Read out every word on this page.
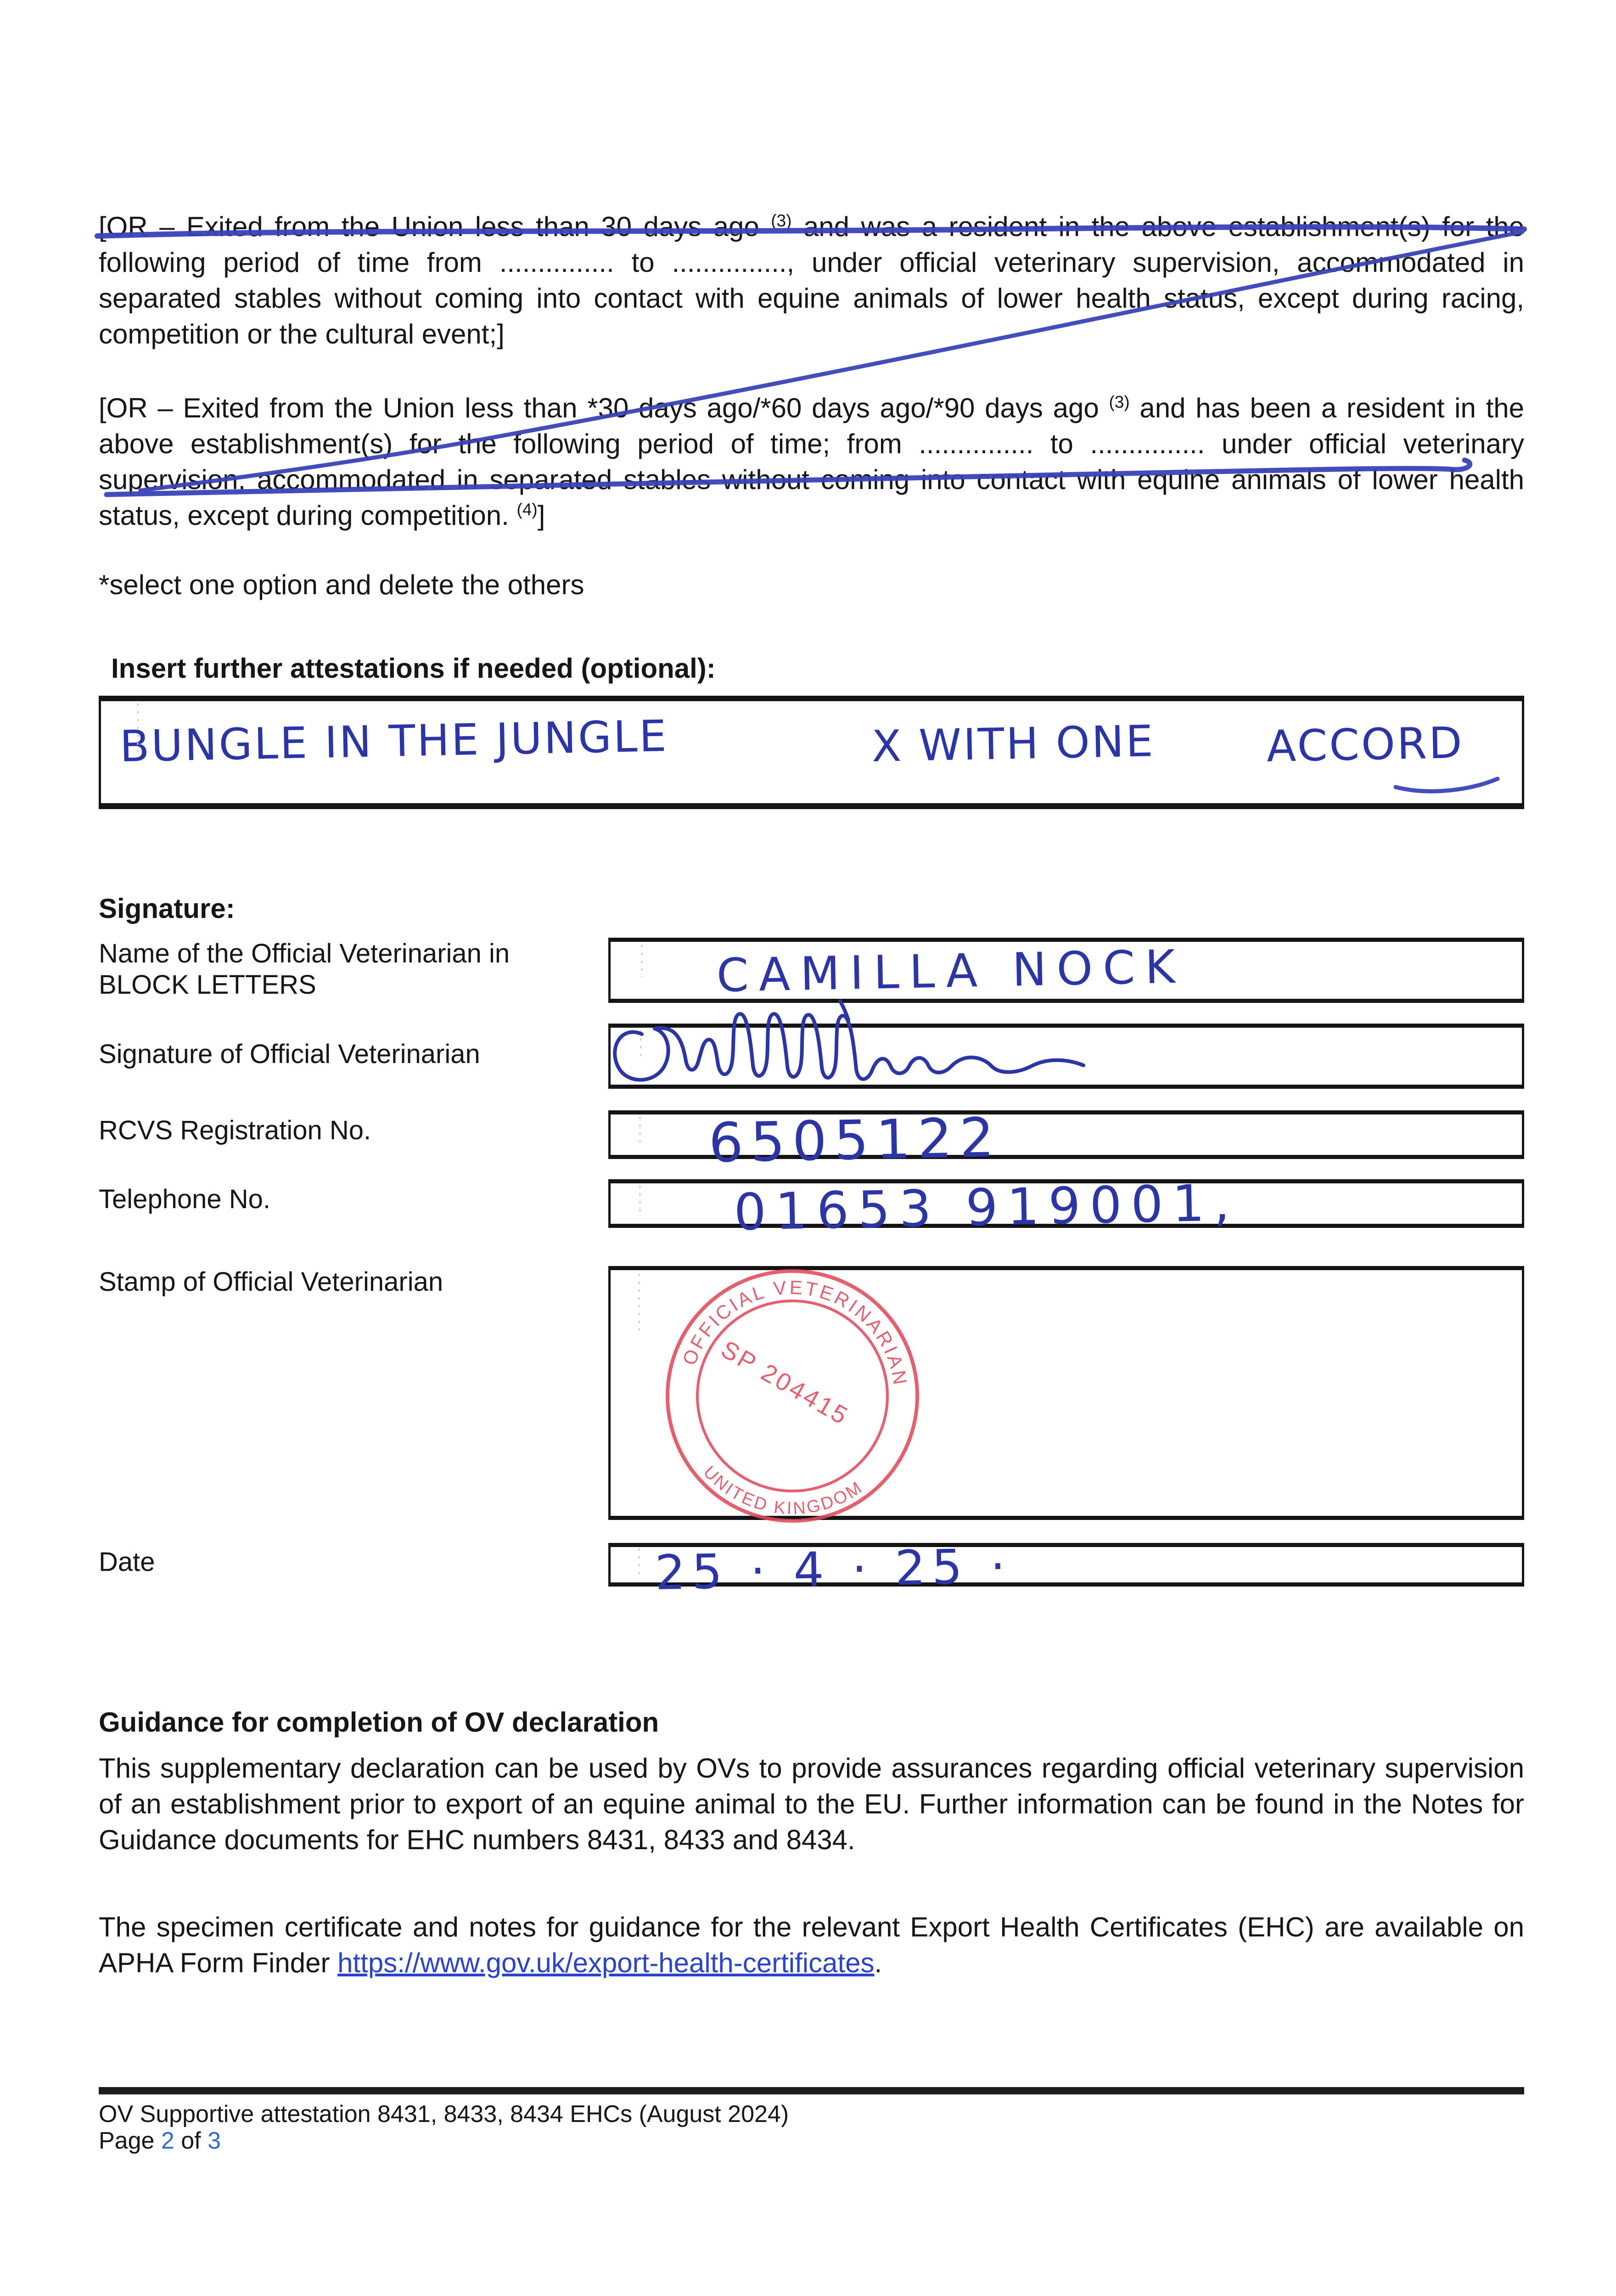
[OR – Exited from the Union less than 30 days ago $^{(3)}$ and was a resident in the above establishment(s) for the following period of time from ............... to ..............., under official veterinary supervision, accommodated in separated stables without coming into contact with equine animals of lower health status, except during racing, competition or the cultural event;]

[OR – Exited from the Union less than *30 days ago/*60 days ago/*90 days ago $^{(3)}$ and has been a resident in the above establishment(s) for the following period of time; from ............... to ............... under official veterinary supervision, accommodated in separated stables without coming into contact with equine animals of lower health status, except during competition. $^{(4)}$]

*select one option and delete the others

Insert further attestations if needed (optional):

BUNGLE IN THE JUNGLE	X WITH ONE	ACCORD

Signature:

Name of the Official Veterinarian in BLOCK LETTERS	CAMILLA NOCK

Signature of Official Veterinarian

RCVS Registration No.	6505122

Telephone No.	01653 919001,

Stamp of Official Veterinarian

Date	25 · 4 · 25 ·

Guidance for completion of OV declaration

This supplementary declaration can be used by OVs to provide assurances regarding official veterinary supervision of an establishment prior to export of an equine animal to the EU. Further information can be found in the Notes for Guidance documents for EHC numbers 8431, 8433 and 8434.

The specimen certificate and notes for guidance for the relevant Export Health Certificates (EHC) are available on APHA Form Finder https://www.gov.uk/export-health-certificates.

OV Supportive attestation 8431, 8433, 8434 EHCs (August 2024)

Page 2 of 3

OFFICIAL VETERINARIAN
UNITED KINGDOM
SP 204415
